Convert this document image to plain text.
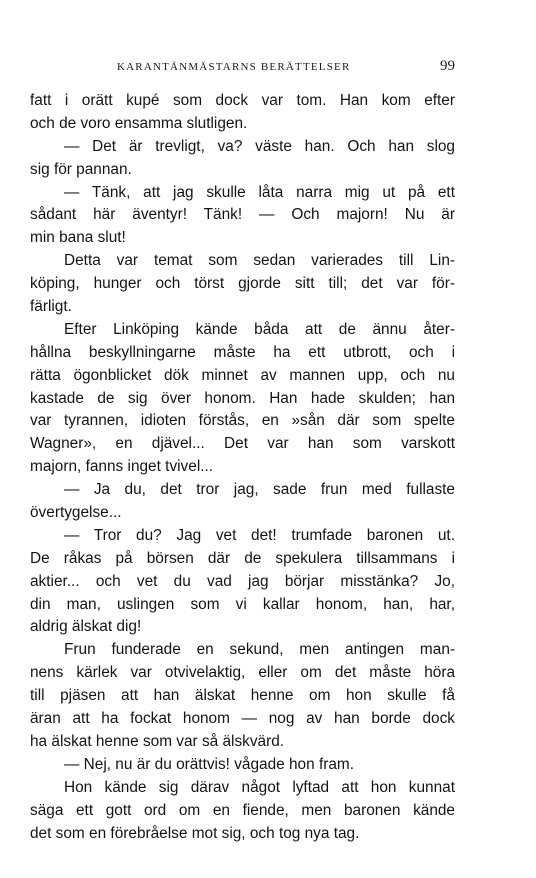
KARANTÄNMÄSTARNS BERÄTTELSER	99
fatt i orätt kupé som dock var tom. Han kom efter
och de voro ensamma slutligen.
— Det är trevligt, va? väste han. Och han slog
sig för pannan.
— Tänk, att jag skulle låta narra mig ut på ett
sådant här äventyr! Tänk! — Och majorn! Nu är
min bana slut!
Detta var temat som sedan varierades till Lin-
köping, hunger och törst gjorde sitt till; det var för-
färligt.
Efter Linköping kände båda att de ännu åter-
hållna beskyllningarne måste ha ett utbrott, och i
rätta ögonblicket dök minnet av mannen upp, och nu
kastade de sig över honom. Han hade skulden; han
var tyrannen, idioten förstås, en »sån där som spelte
Wagner», en djävel... Det var han som varskott
majorn, fanns inget tvivel...
— Ja du, det tror jag, sade frun med fullaste
övertygelse...
— Tror du? Jag vet det! trumfade baronen ut.
De råkas på börsen där de spekulera tillsammans i
aktier... och vet du vad jag börjar misstänka? Jo,
din man, uslingen som vi kallar honom, han, har,
aldrig älskat dig!
Frun funderade en sekund, men antingen man-
nens kärlek var otvivelaktig, eller om det måste höra
till pjäsen att han älskat henne om hon skulle få
äran att ha fockat honom — nog av han borde dock
ha älskat henne som var så älskvärd.
— Nej, nu är du orättvis! vågade hon fram.
Hon kände sig därav något lyftad att hon kunnat
säga ett gott ord om en fiende, men baronen kände
det som en förebråelse mot sig, och tog nya tag.
